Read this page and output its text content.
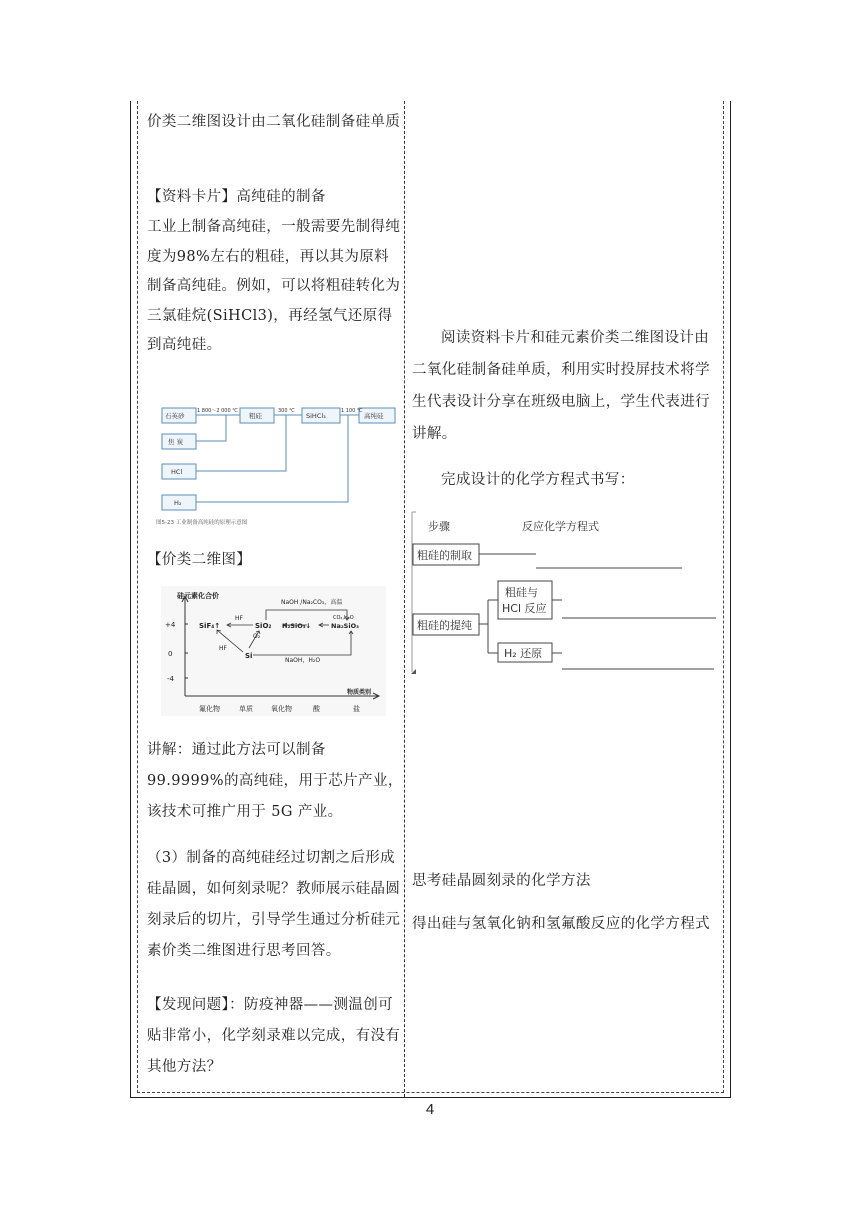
价类二维图设计由二氧化硅制备硅单质

【资料卡片】高纯硅的制备

工业上制备高纯硅，一般需要先制得纯度为98%左右的粗硅，再以其为原料制备高纯硅。例如，可以将粗硅转化为三氯硅烷(SiHCl3)，再经氢气还原得到高纯硅。

石英砂
1 800～2 000 ℃
粗硅
300 ℃
SiHCl₃
1 100 ℃
高纯硅
焦 炭
HCl
H₂
图5-23 工业制备高纯硅的原理示意图

【价类二维图】

硅元素化合价
+4
0
-4
物质类别
氟化物	单质	氧化物	酸	盐
SiF₄↑	SiO₂ H₂SiO₃↓	Na₂SiO₃
Si
NaOH /Na₂CO₃，高温
NaOH，H₂O
HF
HF
O₂
CO₂,H₂O

讲解：通过此方法可以制备 99.9999%的高纯硅，用于芯片产业，该技术可推广用于 5G 产业。

（3）制备的高纯硅经过切割之后形成硅晶圆，如何刻录呢？教师展示硅晶圆刻录后的切片，引导学生通过分析硅元素价类二维图进行思考回答。

【发现问题】：防疫神器——测温创可贴非常小，化学刻录难以完成，有没有其他方法？

阅读资料卡片和硅元素价类二维图设计由二氧化硅制备硅单质，利用实时投屏技术将学生代表设计分享在班级电脑上，学生代表进行讲解。

完成设计的化学方程式书写：

步骤	反应化学方程式
粗硅的制取
粗硅的提纯
粗硅与
HCl 反应
H₂ 还原

思考硅晶圆刻录的化学方法

得出硅与氢氧化钠和氢氟酸反应的化学方程式

4
